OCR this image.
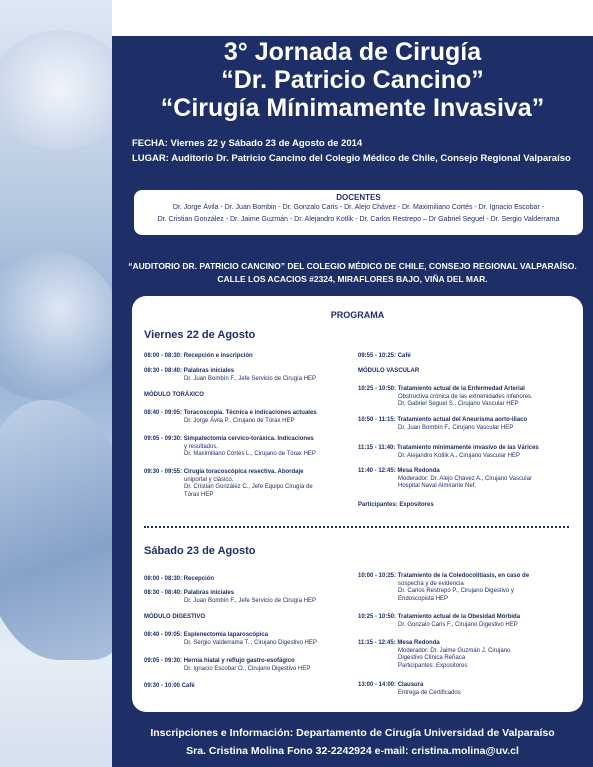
3° Jornada de Cirugía
“Dr. Patricio Cancino”
“Cirugía Mínimamente Invasiva”
FECHA: Viernes 22 y Sábado 23 de Agosto de 2014
LUGAR: Auditorio Dr. Patricio Cancino del Colegio Médico de Chile, Consejo Regional Valparaíso
DOCENTES
Dr. Jorge Ávila - Dr. Juan Bombin - Dr. Gonzalo Caris - Dr. Alejo Chávez - Dr. Maximiliano Cortés - Dr. Ignacio Escobar -
Dr. Cristian González - Dr. Jaime Guzmán - Dr. Alejandro Kotlik - Dr. Carlos Restrepo – Dr Gabriel Seguel - Dr. Sergio Valderrama
“AUDITORIO DR. PATRICIO CANCINO” DEL COLEGIO MÉDICO DE CHILE, CONSEJO REGIONAL VALPARAÍSO.
CALLE LOS ACACIOS #2324, MIRAFLORES BAJO, VIÑA DEL MAR.
PROGRAMA
Viernes 22 de Agosto
Sábado 23 de Agosto
08:00 - 08:30: Recepción e inscripción
08:30 - 08:40: Palabras iniciales
Dr. Juan Bombín F., Jefe Servicio de Cirugía HEP
MÓDULO TORÁXICO
08:40 - 09:05: Toracoscopía. Técnica e indicaciones actuales
Dr. Jorge Ávila P., Cirujano de Tórax HEP
09:05 - 09:30: Simpatectomía cervico-toráxica. Indicaciones
y resultados.
Dr. Maximiliano Cortés L., Cirujano de Tórax HEP
09:30 - 09:55: Cirugía toracoscópica resectiva. Abordaje
uniportal y clásico.
Dr. Cristian González C., Jefe Equipo Cirugía de
Tórax HEP
09:55 - 10:25: Café
MÓDULO VASCULAR
10:25 - 10:50: Tratamiento actual de la Enfermedad Arterial
Obstructiva crónica de las extremidades inferiores.
Dr. Gabriel Seguel S., Cirujano Vascular HEP
10:50 - 11:15: Tratamiento actual del Aneurisma aorto-iliaco
Dr. Juan Bombín F., Cirujano Vascular HEP
11:15 - 11:40: Tratamiento mínimamente invasivo de las Várices
Dr. Alejandro Kotlik A., Cirujano Vascular HEP
11:40 - 12:45: Mesa Redonda
Moderador: Dr. Alejo Chávez A., Cirujano Vascular
Hospital Naval Almirante Nef.
Participantes: Expositores
08:00 - 08:30: Recepción
08:30 - 08:40: Palabras iniciales
Dr. Juan Bombín F., Jefe Servicio de Cirugía HEP
MÓDULO DIGESTIVO
08:40 - 09:05: Esplenectomía laparoscópica
Dr. Sergio Valderrama T. , Cirujano Digestivo HEP
09:05 - 09:30: Hernia hiatal y reflujo gastro-esofágico
Dr. Ignacio Escobar O., Cirujano Digestivo HEP
09:30 - 10:00 Café
10:00 - 10:25: Tratamiento de la Coledocolitiasis, en caso de
sospecha y de evidencia
Dr. Carlos Restrepo P., Cirujano Digestivo y
Endoscopista HEP
10:25 - 10:50: Tratamiento actual de la Obesidad Mórbida
Dr. Gonzalo Caris F., Cirujano Digestivo HEP
11:15 - 12:45: Mesa Redonda
Moderador: Dr. Jaime Guzmán J. Cirujano
Digestivo Clínica Reñaca
Participantes: Expositores
13:00 - 14:00: Clausura
Entrega de Certificados
Inscripciones e Información: Departamento de Cirugía Universidad de Valparaíso
Sra. Cristina Molina Fono 32-2242924 e-mail: cristina.molina@uv.cl
